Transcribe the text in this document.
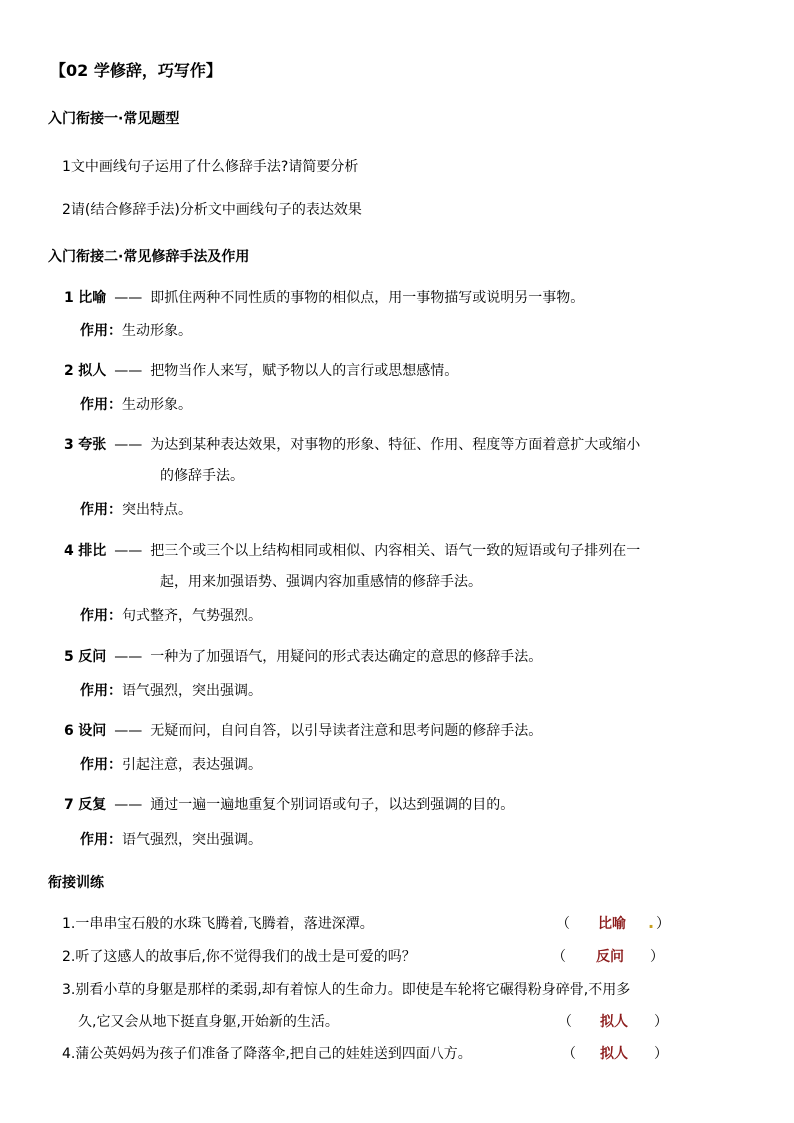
【02 学修辞，巧写作】
入门衔接一·常见题型
1文中画线句子运用了什么修辞手法?请简要分析
2请(结合修辞手法)分析文中画线句子的表达效果
入门衔接二·常见修辞手法及作用
1 比喻 —— 即抓住两种不同性质的事物的相似点，用一事物描写或说明另一事物。
作用：生动形象。
2 拟人 —— 把物当作人来写，赋予物以人的言行或思想感情。
作用：生动形象。
3 夸张 —— 为达到某种表达效果，对事物的形象、特征、作用、程度等方面着意扩大或缩小
的修辞手法。
作用：突出特点。
4 排比 —— 把三个或三个以上结构相同或相似、内容相关、语气一致的短语或句子排列在一
起，用来加强语势、强调内容加重感情的修辞手法。
作用：句式整齐，气势强烈。
5 反问 —— 一种为了加强语气，用疑问的形式表达确定的意思的修辞手法。
作用：语气强烈，突出强调。
6 设问 —— 无疑而问，自问自答，以引导读者注意和思考问题的修辞手法。
作用：引起注意，表达强调。
7 反复 —— 通过一遍一遍地重复个别词语或句子，以达到强调的目的。
作用：语气强烈，突出强调。
衔接训练
1.一串串宝石般的水珠飞腾着,飞腾着，落进深潭。	（ 比喻 . ）
2.听了这感人的故事后,你不觉得我们的战士是可爱的吗？	（ 反问 ）
3.别看小草的身躯是那样的柔弱,却有着惊人的生命力。即使是车轮将它碾得粉身碎骨,不用多
久,它又会从地下挺直身躯,开始新的生活。	（ 拟人 ）
4.蒲公英妈妈为孩子们准备了降落伞,把自己的娃娃送到四面八方。	（ 拟人 ）
